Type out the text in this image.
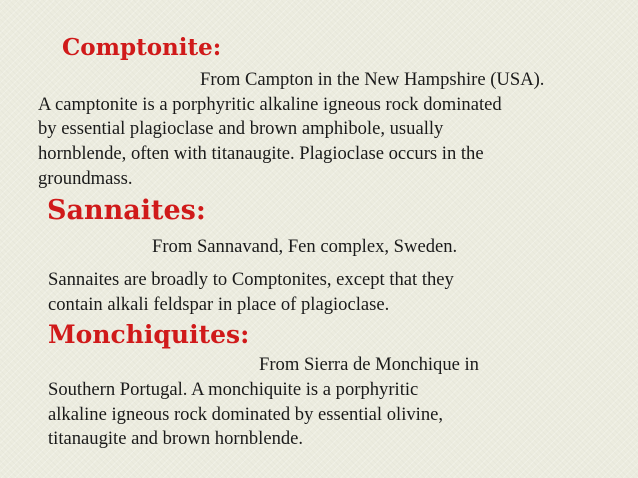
Comptonite:
From Campton in the New Hampshire (USA).
A camptonite is a porphyritic alkaline igneous rock dominated
by essential plagioclase and brown amphibole, usually
hornblende, often with titanaugite. Plagioclase occurs in the
groundmass.
Sannaites:
From Sannavand, Fen complex, Sweden.
Sannaites are broadly to Comptonites, except that they
contain alkali feldspar in place of plagioclase.
Monchiquites:
From Sierra de Monchique in
Southern Portugal. A monchiquite is a porphyritic
alkaline igneous rock dominated by essential olivine,
titanaugite and brown hornblende.
